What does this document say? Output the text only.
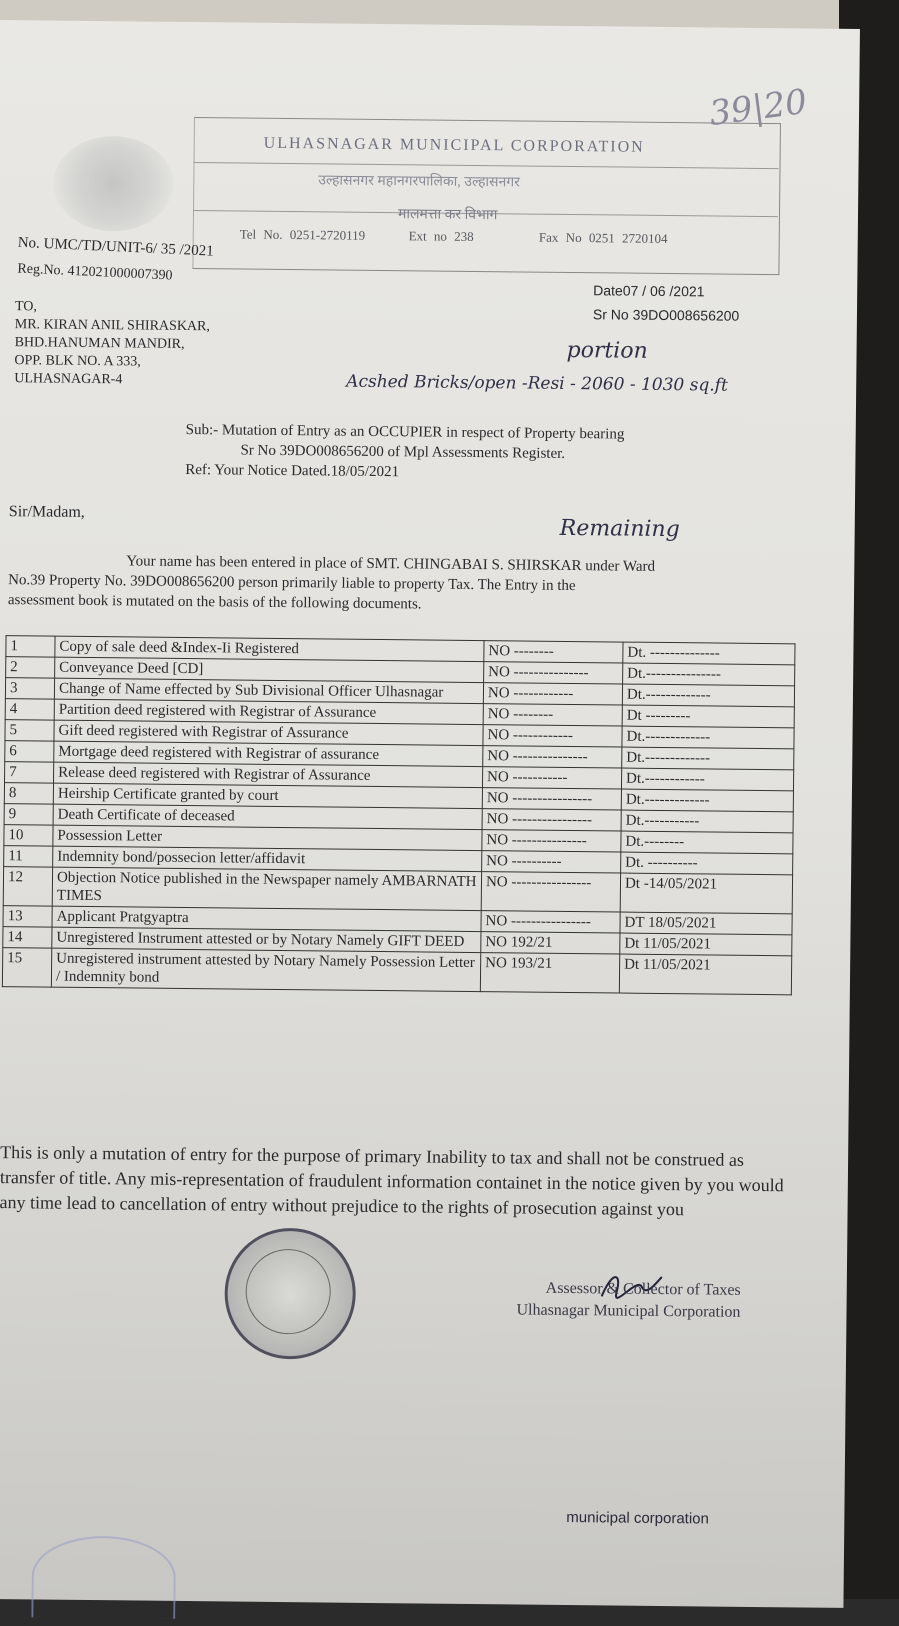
ULHASNAGAR MUNICIPAL CORPORATION
उल्हासनगर महानगरपालिका, उल्हासनगर
मालमत्ता कर विभाग
Tel No. 0251-2720119	Ext no 238	Fax No 0251 2720104
39|20
No. UMC/TD/UNIT-6/ 35 /2021
Reg.No. 412021000007390
Date07 / 06 /2021
Sr No 39DO008656200
TO,
MR. KIRAN ANIL SHIRASKAR,
BHD.HANUMAN MANDIR,
OPP. BLK NO. A 333,
ULHASNAGAR-4
portion
Acshed Bricks/open -Resi - 2060 - 1030 sq.ft
Sub:- Mutation of Entry as an OCCUPIER in respect of Property bearing
Sr No 39DO008656200 of Mpl Assessments Register.
Ref: Your Notice Dated.18/05/2021
Sir/Madam,
Remaining
Your name has been entered in place of SMT. CHINGABAI S. SHIRSKAR under Ward
No.39 Property No. 39DO008656200 person primarily liable to property Tax. The Entry in the
assessment book is mutated on the basis of the following documents.
1	Copy of sale deed &Index-Ii Registered	NO --------	Dt. --------------
2	Conveyance Deed [CD]	NO ---------------	Dt.---------------
3	Change of Name effected by Sub Divisional Officer Ulhasnagar	NO ------------	Dt.-------------
4	Partition deed registered with Registrar of Assurance	NO --------	Dt ---------
5	Gift deed registered with Registrar of Assurance	NO ------------	Dt.-------------
6	Mortgage deed registered with Registrar of assurance	NO ---------------	Dt.-------------
7	Release deed registered with Registrar of Assurance	NO -----------	Dt.------------
8	Heirship Certificate granted by court	NO ----------------	Dt.-------------
9	Death Certificate of deceased	NO ----------------	Dt.-----------
10	Possession Letter	NO ---------------	Dt.--------
11	Indemnity bond/possecion letter/affidavit	NO ----------	Dt. ----------
12	Objection Notice published in the Newspaper namely AMBARNATH TIMES	NO ----------------	Dt -14/05/2021
13	Applicant Pratgyaptra	NO ----------------	DT 18/05/2021
14	Unregistered Instrument attested or by Notary Namely GIFT DEED	NO 192/21	Dt 11/05/2021
15	Unregistered instrument attested by Notary Namely Possession Letter / Indemnity bond	NO 193/21	Dt 11/05/2021
This is only a mutation of entry for the purpose of primary Inability to tax and shall not be construed as transfer of title. Any mis-representation of fraudulent information containet in the notice given by you would any time lead to cancellation of entry without prejudice to the rights of prosecution against you
Assessor & Collector of Taxes
Ulhasnagar Municipal Corporation
municipal corporation
